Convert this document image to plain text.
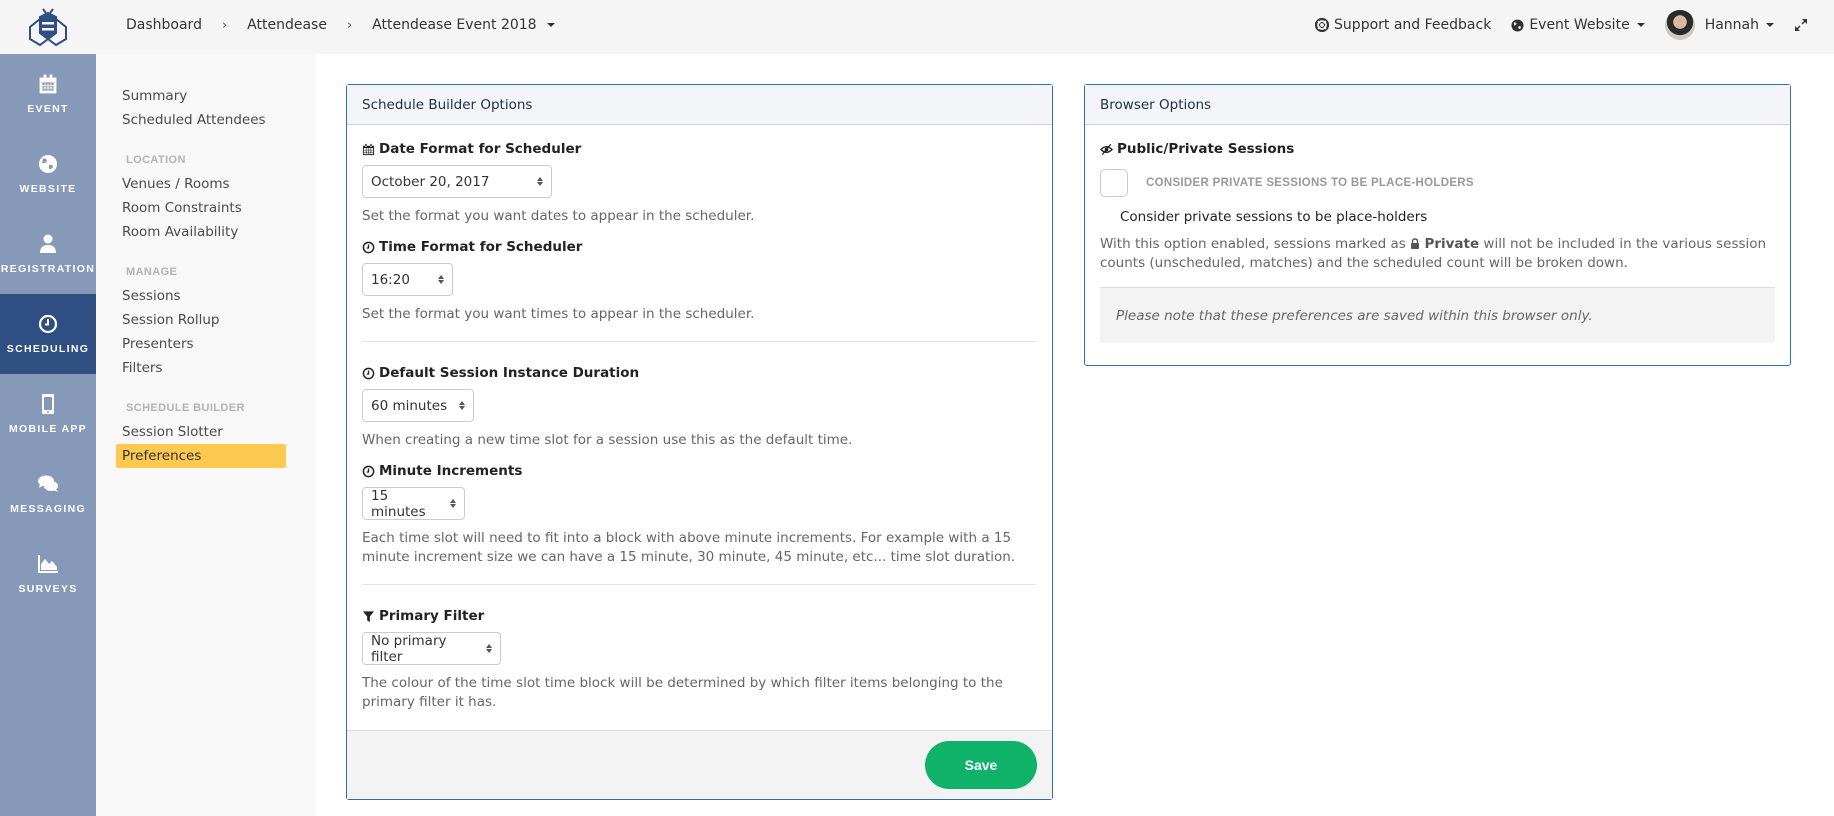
Dashboard › Attendease › Attendease Event 2018	Support and Feedback	Event Website	Hannah
EVENT
WEBSITE
REGISTRATION
SCHEDULING
MOBILE APP
MESSAGING
SURVEYS
Summary
Scheduled Attendees
LOCATION
Venues / Rooms
Room Constraints
Room Availability
MANAGE
Sessions
Session Rollup
Presenters
Filters
SCHEDULE BUILDER
Session Slotter
Preferences
Schedule Builder Options
Date Format for Scheduler
October 20, 2017
Set the format you want dates to appear in the scheduler.
Time Format for Scheduler
16:20
Set the format you want times to appear in the scheduler.
Default Session Instance Duration
60 minutes
When creating a new time slot for a session use this as the default time.
Minute Increments
15 minutes
Each time slot will need to fit into a block with above minute increments. For example with a 15 minute increment size we can have a 15 minute, 30 minute, 45 minute, etc... time slot duration.
Primary Filter
No primary filter
The colour of the time slot time block will be determined by which filter items belonging to the primary filter it has.
Save
Browser Options
Public/Private Sessions
CONSIDER PRIVATE SESSIONS TO BE PLACE-HOLDERS
Consider private sessions to be place-holders
With this option enabled, sessions marked as  Private will not be included in the various session counts (unscheduled, matches) and the scheduled count will be broken down.
Please note that these preferences are saved within this browser only.
